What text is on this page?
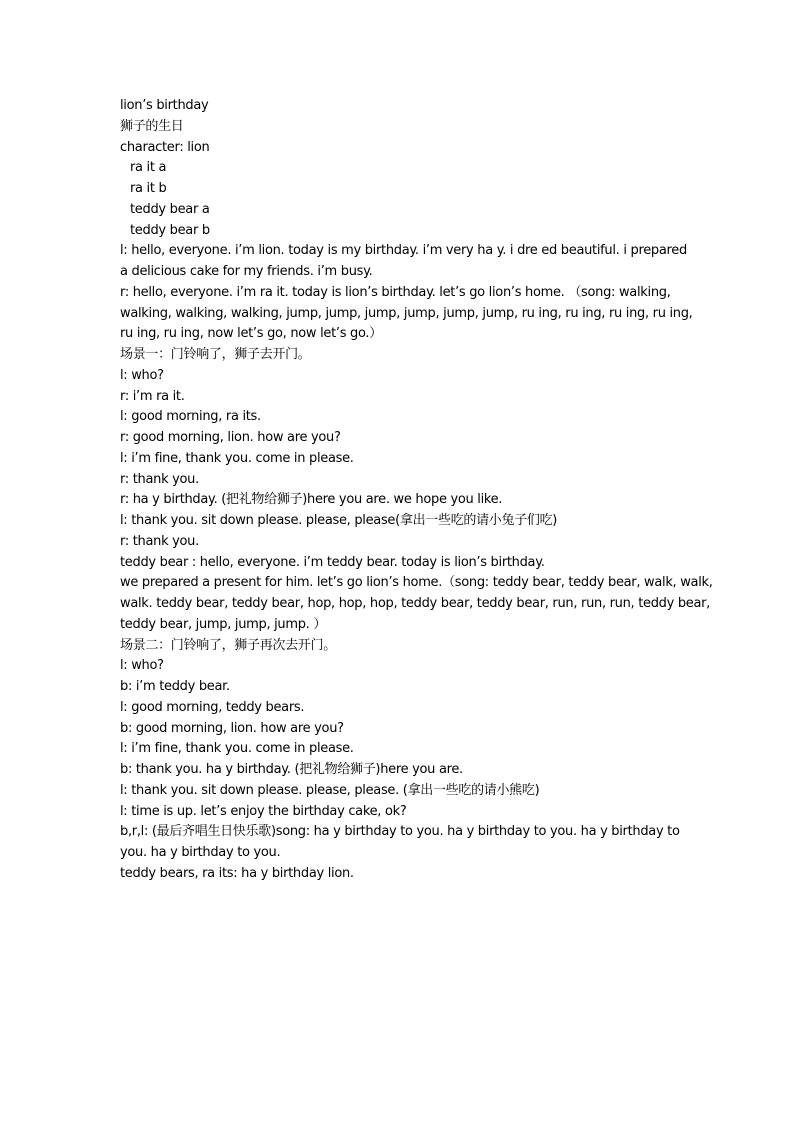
lion’s birthday
狮子的生日
character: lion
ra it a
ra it b
teddy bear a
teddy bear b
l: hello, everyone. i’m lion. today is my birthday. i’m very ha y. i dre ed beautiful. i prepared
a delicious cake for my friends. i’m busy.
r: hello, everyone. i’m ra it. today is lion’s birthday. let’s go lion’s home. （song: walking,
walking, walking, walking, jump, jump, jump, jump, jump, jump, ru ing, ru ing, ru ing, ru ing,
ru ing, ru ing, now let’s go, now let’s go.）
场景一：门铃响了，狮子去开门。
l: who?
r: i’m ra it.
l: good morning, ra its.
r: good morning, lion. how are you?
l: i’m fine, thank you. come in please.
r: thank you.
r: ha y birthday. (把礼物给狮子)here you are. we hope you like.
l: thank you. sit down please. please, please(拿出一些吃的请小兔子们吃)
r: thank you.
teddy bear : hello, everyone. i’m teddy bear. today is lion’s birthday.
we prepared a present for him. let’s go lion’s home.（song: teddy bear, teddy bear, walk, walk,
walk. teddy bear, teddy bear, hop, hop, hop, teddy bear, teddy bear, run, run, run, teddy bear,
teddy bear, jump, jump, jump. ）
场景二：门铃响了，狮子再次去开门。
l: who?
b: i’m teddy bear.
l: good morning, teddy bears.
b: good morning, lion. how are you?
l: i’m fine, thank you. come in please.
b: thank you. ha y birthday. (把礼物给狮子)here you are.
l: thank you. sit down please. please, please. (拿出一些吃的请小熊吃)
l: time is up. let’s enjoy the birthday cake, ok?
b,r,l: (最后齐唱生日快乐歌)song: ha y birthday to you. ha y birthday to you. ha y birthday to
you. ha y birthday to you.
teddy bears, ra its: ha y birthday lion.
